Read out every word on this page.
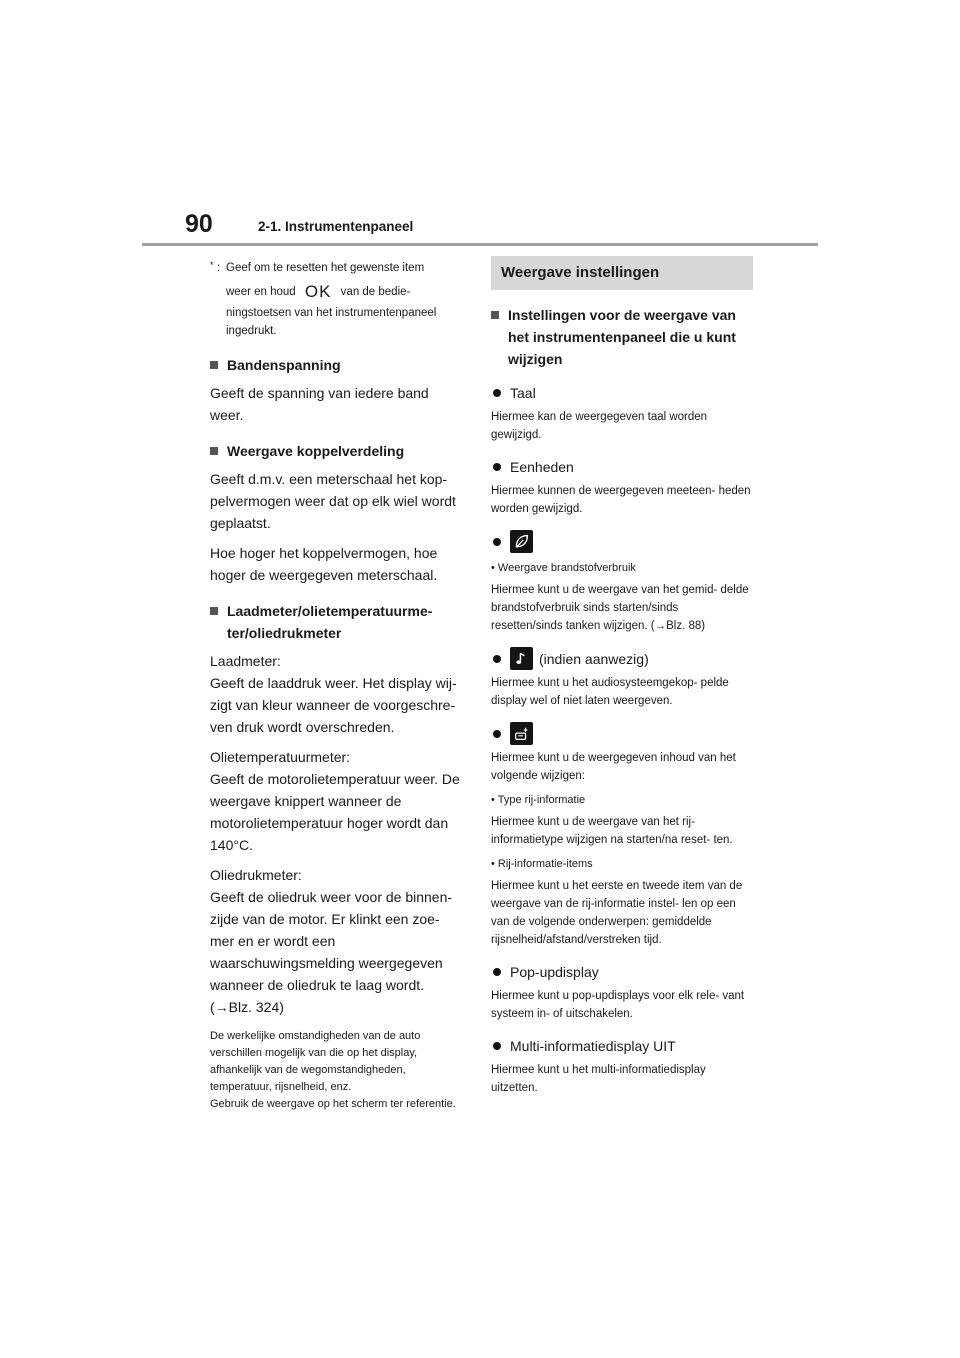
90	2-1. Instrumentenpaneel
* : Geef om te resetten het gewenste item
weer en houd OK van de bedie-
ningstoetsen van het instrumentenpaneel ingedrukt.
Bandenspanning
Geeft de spanning van iedere band weer.
Weergave koppelverdeling
Geeft d.m.v. een meterschaal het kop- pelvermogen weer dat op elk wiel wordt geplaatst.
Hoe hoger het koppelvermogen, hoe hoger de weergegeven meterschaal.
Laadmeter/olietemperatuurme- ter/oliedrukmeter
Laadmeter:
Geeft de laaddruk weer. Het display wij- zigt van kleur wanneer de voorgeschre- ven druk wordt overschreden.
Olietemperatuurmeter:
Geeft de motorolietemperatuur weer. De weergave knippert wanneer de motorolietemperatuur hoger wordt dan 140°C.
Oliedrukmeter:
Geeft de oliedruk weer voor de binnen- zijde van de motor. Er klinkt een zoe- mer en er wordt een waarschuwingsmelding weergegeven wanneer de oliedruk te laag wordt.
(→Blz. 324)
De werkelijke omstandigheden van de auto verschillen mogelijk van die op het display, afhankelijk van de wegomstandigheden, temperatuur, rijsnelheid, enz.
Gebruik de weergave op het scherm ter referentie.
Weergave instellingen
Instellingen voor de weergave van het instrumentenpaneel die u kunt wijzigen
Taal
Hiermee kan de weergegeven taal worden gewijzigd.
Eenheden
Hiermee kunnen de weergegeven meeteen- heden worden gewijzigd.
• Weergave brandstofverbruik
Hiermee kunt u de weergave van het gemid- delde brandstofverbruik sinds starten/sinds resetten/sinds tanken wijzigen. (→Blz. 88)
(indien aanwezig)
Hiermee kunt u het audiosysteemgekop- pelde display wel of niet laten weergeven.
Hiermee kunt u de weergegeven inhoud van het volgende wijzigen:
• Type rij-informatie
Hiermee kunt u de weergave van het rij- informatietype wijzigen na starten/na reset- ten.
• Rij-informatie-items
Hiermee kunt u het eerste en tweede item van de weergave van de rij-informatie instel- len op een van de volgende onderwerpen: gemiddelde rijsnelheid/afstand/verstreken tijd.
Pop-updisplay
Hiermee kunt u pop-updisplays voor elk rele- vant systeem in- of uitschakelen.
Multi-informatiedisplay UIT
Hiermee kunt u het multi-informatiedisplay uitzetten.
